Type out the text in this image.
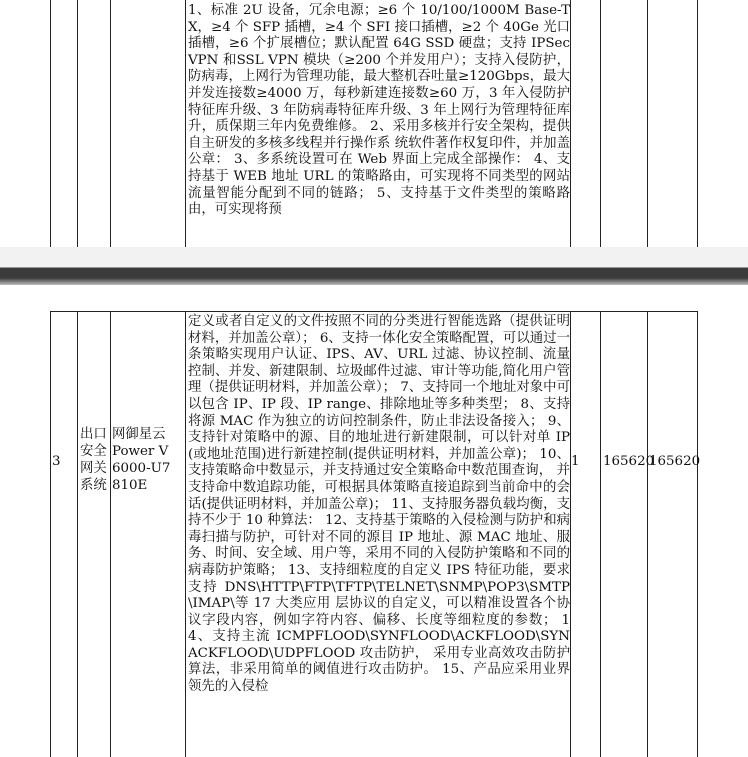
1、标准 2U 设备，冗余电源；≥6 个 10/100/1000M Base-TX，≥4 个 SFP 插槽，≥4 个 SFI 接口插槽，≥2 个 40Ge 光口插槽，≥6 个扩展槽位；默认配置 64G SSD 硬盘；支持 IPSec VPN 和SSL VPN 模块（≥200 个并发用户）；支持入侵防护，防病毒，上网行为管理功能，最大整机吞吐量≥120Gbps，最大并发连接数≥4000 万，每秒新建连接数≥60 万，3 年入侵防护特征库升级、3 年防病毒特征库升级、3 年上网行为管理特征库升，质保期三年内免费维修。 2、采用多核并行安全架构，提供自主研发的多核多线程并行操作系 统软件著作权复印件，并加盖公章： 3、多系统设置可在 Web 界面上完成全部操作： 4、支持基于 WEB 地址 URL 的策略路由，可实现将不同类型的网站流量智能分配到不同的链路； 5、支持基于文件类型的策略路由，可实现将预

3

出口安全网关系统

网御星云 Power V6000-U7810E

定义或者自定义的文件按照不同的分类进行智能选路（提供证明材料，并加盖公章）； 6、支持一体化安全策略配置，可以通过一条策略实现用户认证、IPS、AV、URL 过滤、协议控制、流量控制、并发、新建限制、垃圾邮件过滤、审计等功能,简化用户管理（提供证明材料，并加盖公章）； 7、支持同一个地址对象中可以包含 IP、IP 段、IP range、排除地址等多种类型； 8、支持将源 MAC 作为独立的访问控制条件，防止非法设备接入； 9、支持针对策略中的源、目的地址进行新建限制，可以针对单 IP(或地址范围)进行新建控制(提供证明材料，并加盖公章)； 10、支持策略命中数显示，并支持通过安全策略命中数范围查询， 并支持命中数追踪功能，可根据具体策略直接追踪到当前命中的会话(提供证明材料，并加盖公章)； 11、支持服务器负载均衡，支持不少于 10 种算法： 12、支持基于策略的入侵检测与防护和病毒扫描与防护，可针对不同的源目 IP 地址、源 MAC 地址、服务、时间、安全域、用户等，采用不同的入侵防护策略和不同的病毒防护策略； 13、支持细粒度的自定义 IPS 特征功能，要求支持 DNS\HTTP\FTP\TFTP\TELNET\SNMP\POP3\SMTP\IMAP\等 17 大类应用 层协议的自定义，可以精准设置各个协议字段内容，例如字符内容、偏移、长度等细粒度的参数； 14、支持主流 ICMPFLOOD\SYNFLOOD\ACKFLOOD\SYNACKFLOOD\UDPFLOOD 攻击防护， 采用专业高效攻击防护算法，非采用简单的阈值进行攻击防护。 15、产品应采用业界领先的入侵检

1 165620

165620
